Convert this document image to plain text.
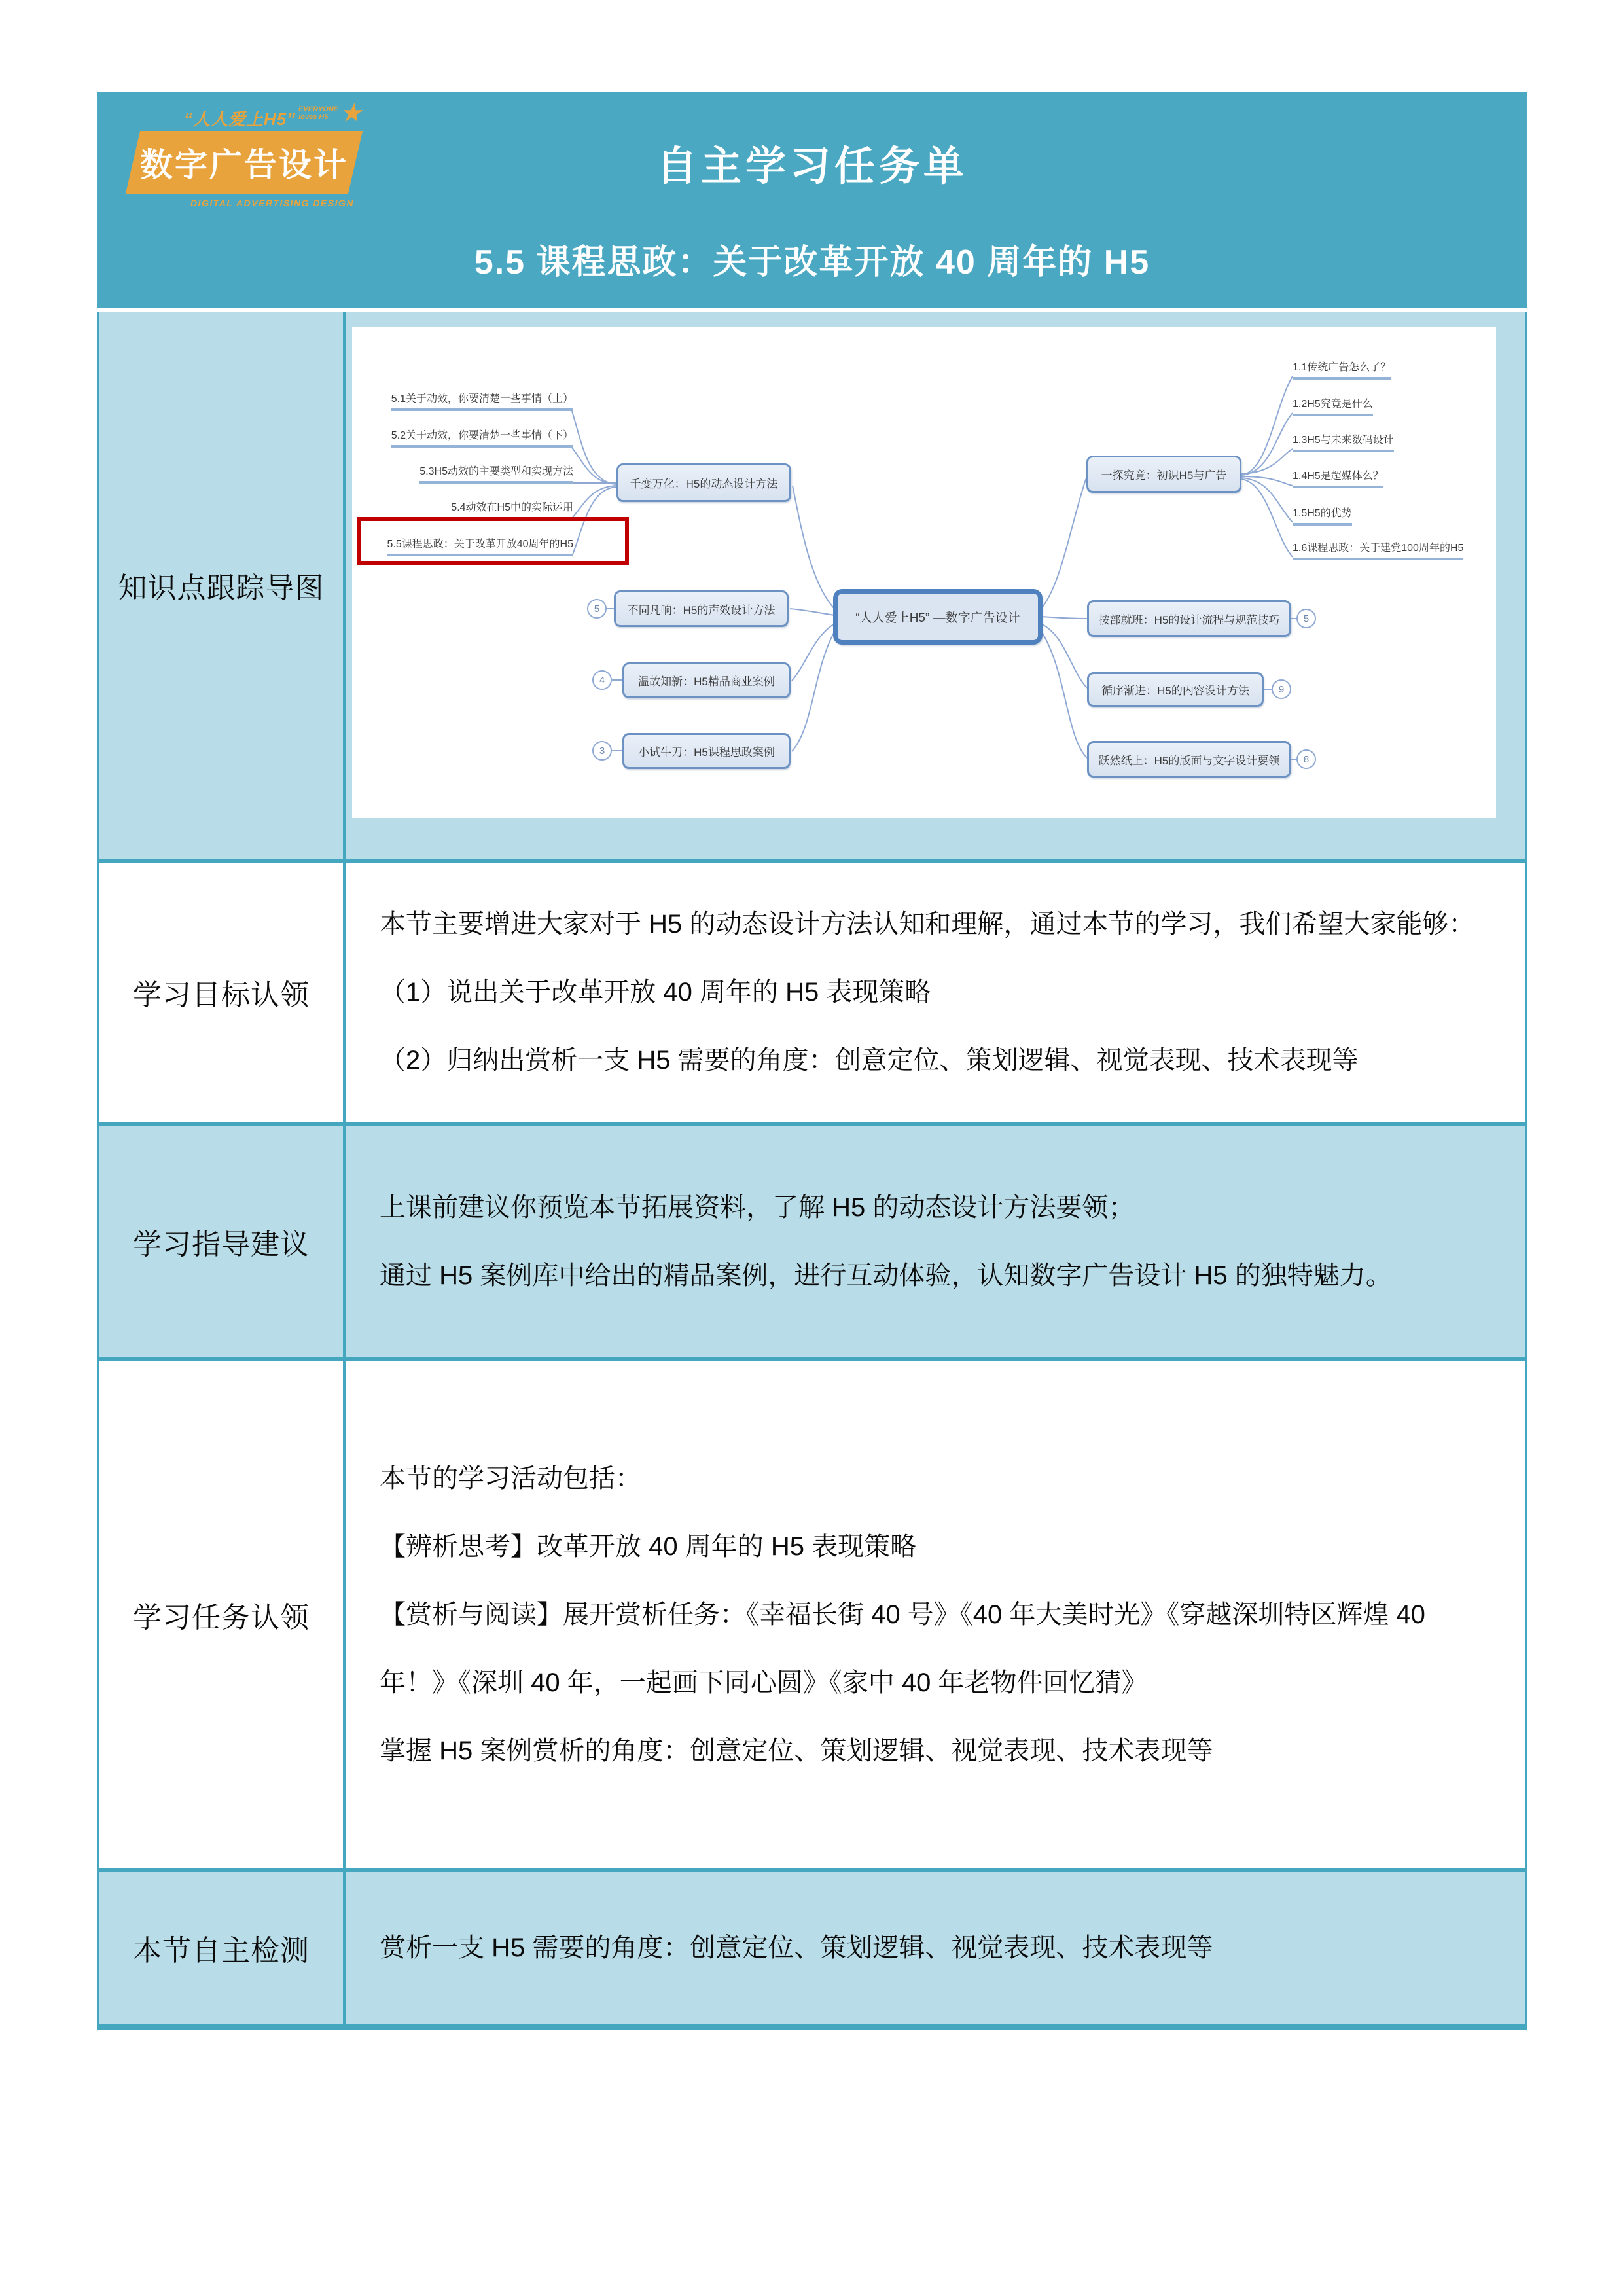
“人人爱上H5” EVERYONE
loves H5 ★
数字广告设计
DIGITAL ADVERTISING DESIGN
自主学习任务单
5.5 课程思政：关于改革开放 40 周年的 H5
知识点跟踪导图
5.1关于动效，你要清楚一些事情（上）
5.2关于动效，你要清楚一些事情（下）
5.3H5动效的主要类型和实现方法
5.4动效在H5中的实际运用
5.5课程思政：关于改革开放40周年的H5
1.1传统广告怎么了？
1.2H5究竟是什么
1.3H5与未来数码设计
1.4H5是超媒体么？
1.5H5的优势
1.6课程思政：关于建党100周年的H5
千变万化：H5的动态设计方法
一探究竟：初识H5与广告
不同凡响：H5的声效设计方法
温故知新：H5精品商业案例
小试牛刀：H5课程思政案例
按部就班：H5的设计流程与规范技巧
循序渐进：H5的内容设计方法
跃然纸上：H5的版面与文字设计要领
“人人爱上H5” —数字广告设计
5
4
3
5
9
8
学习目标认领

本节主要增进大家对于 H5 的动态设计方法认知和理解，通过本节的学习，我们希望大家能够：

（1）说出关于改革开放 40 周年的 H5 表现策略

（2）归纳出赏析一支 H5 需要的角度：创意定位、策划逻辑、视觉表现、技术表现等

学习指导建议

上课前建议你预览本节拓展资料，了解 H5 的动态设计方法要领；

通过 H5 案例库中给出的精品案例，进行互动体验，认知数字广告设计 H5 的独特魅力。

学习任务认领

本节的学习活动包括：

【辨析思考】改革开放 40 周年的 H5 表现策略

【赏析与阅读】展开赏析任务：《幸福长街 40 号》《40 年大美时光》《穿越深圳特区辉煌 40 年！》《深圳 40 年，一起画下同心圆》《家中 40 年老物件回忆猜》

掌握 H5 案例赏析的角度：创意定位、策划逻辑、视觉表现、技术表现等

本节自主检测	赏析一支 H5 需要的角度：创意定位、策划逻辑、视觉表现、技术表现等
